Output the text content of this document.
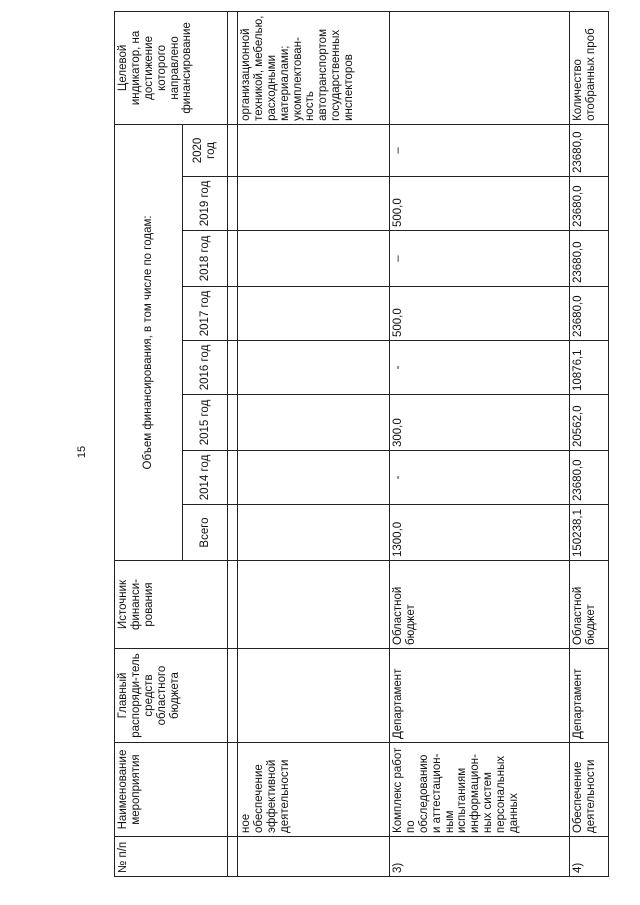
15
№ п/п	Наименование мероприятия	Главный распоряди-тель средств областного бюджета	Источник финанси-рования	Объем финансирования, в том числе по годам:								Целевой индикатор, на достижение которого направлено финансирование
				Всего	2014 год	2015 год	2016 год	2017 год	2018 год	2019 год	2020 год	

	ное обеспечение эффективной деятельности											организационной техникой, мебелью, расходными материалами; укомплектован-ность автотранспортом государственных инспекторов
3)	Комплекс работ по обследованию и аттестацион-ным испытаниям информацион-ных систем персональных данных	Департамент	Областной бюджет	1300,0	-	300,0	-	500,0	–	500,0	–	
4)	Обеспечение деятельности	Департамент	Областной бюджет	150238,1	23680,0	20562,0	10876,1	23680,0	23680,0	23680,0	23680,0	Количество отобранных проб
